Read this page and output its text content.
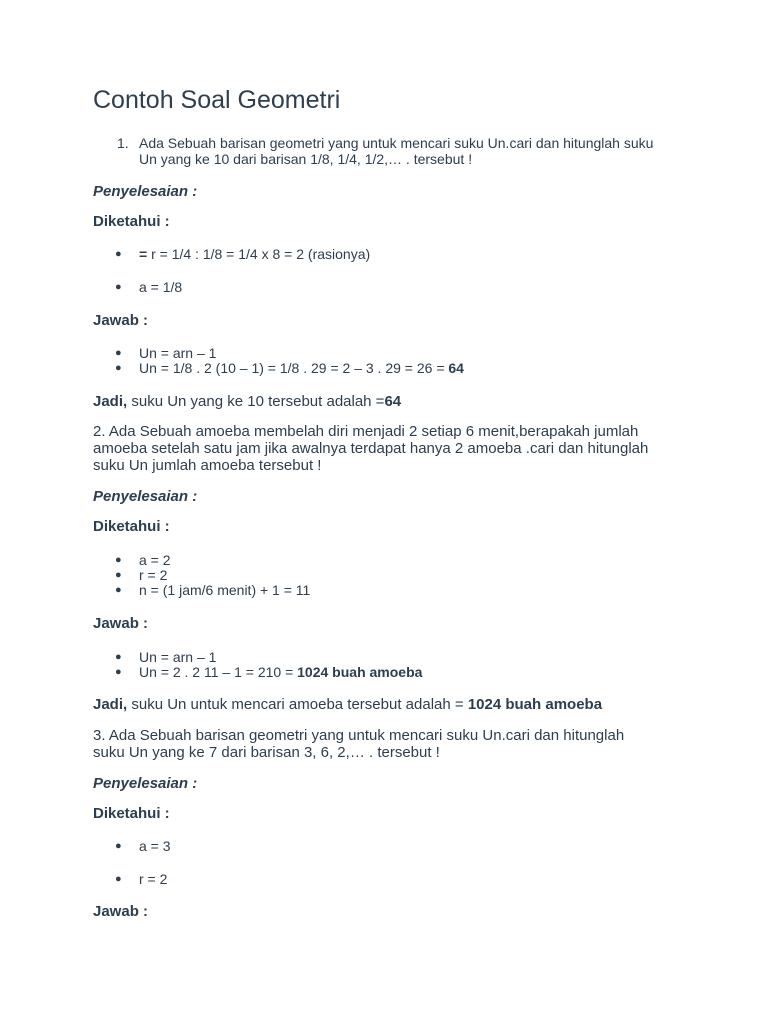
Contoh Soal Geometri
1. Ada Sebuah barisan geometri yang untuk mencari suku Un.cari dan hitunglah suku
Un yang ke 10 dari barisan 1/8, 1/4, 1/2,… . tersebut !
Penyelesaian :
Diketahui :
● = r = 1/4 : 1/8 = 1/4 x 8 = 2 (rasionya)
● a = 1/8
Jawab :
● Un = arn – 1
● Un = 1/8 . 2 (10 – 1) = 1/8 . 29 = 2 – 3 . 29 = 26 = 64
Jadi, suku Un yang ke 10 tersebut adalah =64
2. Ada Sebuah amoeba membelah diri menjadi 2 setiap 6 menit,berapakah jumlah
amoeba setelah satu jam jika awalnya terdapat hanya 2 amoeba .cari dan hitunglah
suku Un jumlah amoeba tersebut !
Penyelesaian :
Diketahui :
● a = 2
● r = 2
● n = (1 jam/6 menit) + 1 = 11
Jawab :
● Un = arn – 1
● Un = 2 . 2 11 – 1 = 210 = 1024 buah amoeba
Jadi, suku Un untuk mencari amoeba tersebut adalah = 1024 buah amoeba
3. Ada Sebuah barisan geometri yang untuk mencari suku Un.cari dan hitunglah
suku Un yang ke 7 dari barisan 3, 6, 2,… . tersebut !
Penyelesaian :
Diketahui :
● a = 3
● r = 2
Jawab :
